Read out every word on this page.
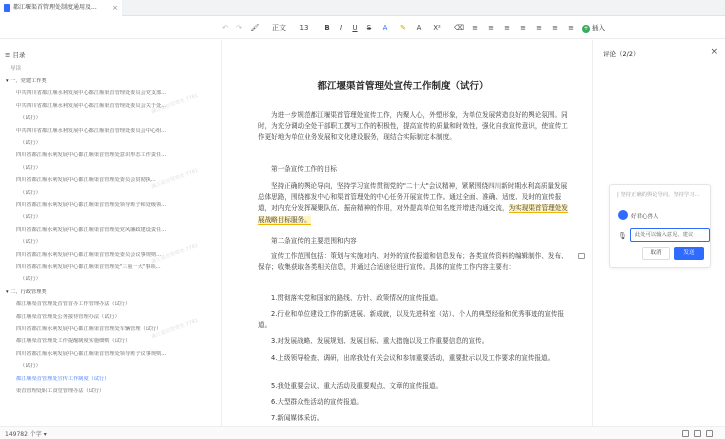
都江堰渠首管理处制度通用及... ×
↶ ↷ 🖌	正文	13	B	I	U	S	A	✎	A	X²	⌫ ≡ ≡ ≡ ≡ ≡ ≡ ≡	+ 插入
≡ 目录
导读
▾ 一、党建工作类
中共四川省都江堰水利发展中心都江堰渠首管理处委员会党支部...
中共四川省都江堰水利发展中心都江堰渠首管理处委员会关于处...
（试行）
中共四川省都江堰水利发展中心都江堰渠首管理处委员会中心组...
（试行）
四川省都江堰水利发展中心都江堰渠首管理处意识形态工作责任...
（试行）
四川省都江堰水利发展中心都江堰渠首管理处委员会贯彻执...
（试行）
四川省都江堰水利发展中心都江堰渠首管理处领导班子和处级领...
（试行）
四川省都江堰水利发展中心都江堰渠首管理处党风廉政建设责任...
（试行）
四川省都江堰水利发展中心都江堰渠首管理处委员会议事规则...
四川省都江堰水利发展中心都江堰渠首管理处"三重一大"事项...
（试行）
▾ 二、行政管理类
都江堰渠首管理处首管首办工作管理办法（试行）
都江堰渠首管理处公务接待管理办法（试行）
四川省都江堰水利发展中心都江堰渠首管理处车辆管理（试行）
都江堰渠首管理处工作提醒制度实施细则（试行）
四川省都江堰水利发展中心都江堰渠首管理处领导班子议事规则...
（试行）
都江堰渠首管理处宣传工作制度（试行）
渠首管理处职工食堂管理办法（试行）
蒲江渠首管理处 7781
蒲江渠首管理处 7781
蒲江渠首管理处 7781
蒲江渠首管理处 7781
都江堰渠首管理处宣传工作制度（试行）
为进一步规范都江堰渠首管理处宣传工作，内聚人心，外塑形象，为单位发展营造良好的舆论氛围。同时，为充分调动全处干部职工撰写工作的积极性，提高宣传的质量和时效性，强化自我宣传意识，使宣传工作更好地为单位业务发展和文化建设服务，现结合实际制定本制度。
第一条宣传工作的目标
坚持正确的舆论导向，坚持学习宣传贯彻党的"二十大"会议精神，紧紧围绕四川新时期水利高质量发展总体思路，围绕都发中心和渠首管理处的中心任务开展宣传工作。通过全面、准确、适度、及时的宣传报道，对内充分发挥凝聚队伍、振奋精神的作用，对外提高单位知名度并增进沟通交流，为实现渠首管理处发展战略目标服务。
第二条宣传的主要范围和内容
宣传工作范围包括：策划与实施对内、对外的宣传报道和信息发布；各类宣传资料的编辑制作、发布、保存；收集获取各类相关信息，并通过合适途径进行宣传。具体的宣传工作内容主要有：
1.贯彻落实党和国家的路线、方针、政策情况的宣传报道。
2.行业和单位建设工作的新进展、新成就，以及先进科室（站）、个人的典型经验和优秀事迹的宣传报道。
3.对发展战略、发展规划、发展目标、重大措施以及工作重要信息的宣传。
4.上级领导检查、调研，出席我处有关会议和参加重要活动，重要批示以及工作要求的宣传报道。
5.我处重要会议、重大活动及重要观点、文章的宣传报道。
6.大型群众性活动的宣传报道。
7.新闻媒体采访。
评论（2/2）	×
| 坚持正确的舆论导向，坚持学习...
好君心兽人
🎙	此处可以输入意见，建议
取消	发送
149782 个字 ▾
